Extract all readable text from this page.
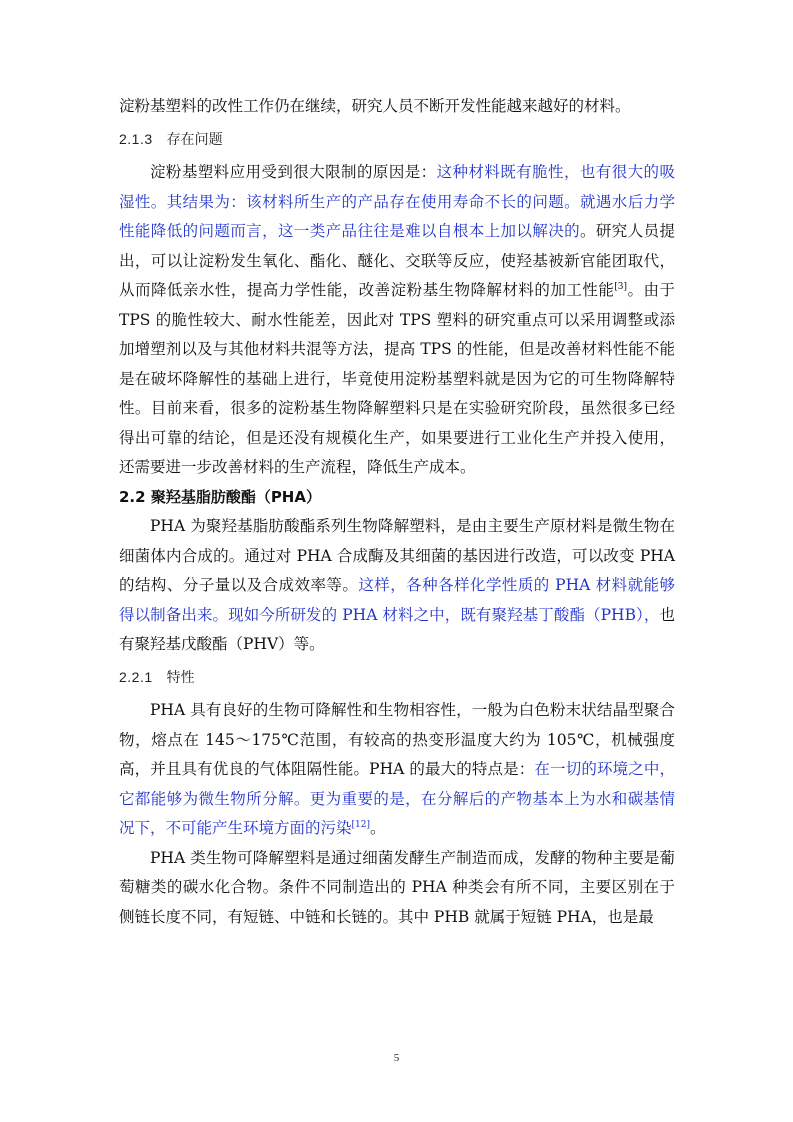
淀粉基塑料的改性工作仍在继续，研究人员不断开发性能越来越好的材料。

2.1.3 存在问题

淀粉基塑料应用受到很大限制的原因是：这种材料既有脆性，也有很大的吸湿性。其结果为：该材料所生产的产品存在使用寿命不长的问题。就遇水后力学性能降低的问题而言，这一类产品往往是难以自根本上加以解决的。研究人员提出，可以让淀粉发生氧化、酯化、醚化、交联等反应，使羟基被新官能团取代，从而降低亲水性，提高力学性能，改善淀粉基生物降解材料的加工性能[3]。由于 TPS 的脆性较大、耐水性能差，因此对 TPS 塑料的研究重点可以采用调整或添加增塑剂以及与其他材料共混等方法，提高 TPS 的性能，但是改善材料性能不能是在破坏降解性的基础上进行，毕竟使用淀粉基塑料就是因为它的可生物降解特性。目前来看，很多的淀粉基生物降解塑料只是在实验研究阶段，虽然很多已经得出可靠的结论，但是还没有规模化生产，如果要进行工业化生产并投入使用，还需要进一步改善材料的生产流程，降低生产成本。

2.2 聚羟基脂肪酸酯（PHA）

PHA 为聚羟基脂肪酸酯系列生物降解塑料，是由主要生产原材料是微生物在细菌体内合成的。通过对 PHA 合成酶及其细菌的基因进行改造，可以改变 PHA 的结构、分子量以及合成效率等。这样，各种各样化学性质的 PHA 材料就能够得以制备出来。现如今所研发的 PHA 材料之中，既有聚羟基丁酸酯（PHB），也有聚羟基戊酸酯（PHV）等。

2.2.1 特性

PHA 具有良好的生物可降解性和生物相容性，一般为白色粉末状结晶型聚合物，熔点在 145～175℃范围，有较高的热变形温度大约为 105℃，机械强度高，并且具有优良的气体阻隔性能。PHA 的最大的特点是：在一切的环境之中，它都能够为微生物所分解。更为重要的是，在分解后的产物基本上为水和碳基情况下，不可能产生环境方面的污染[12]。

PHA 类生物可降解塑料是通过细菌发酵生产制造而成，发酵的物种主要是葡萄糖类的碳水化合物。条件不同制造出的 PHA 种类会有所不同，主要区别在于侧链长度不同，有短链、中链和长链的。其中 PHB 就属于短链 PHA，也是最

5
